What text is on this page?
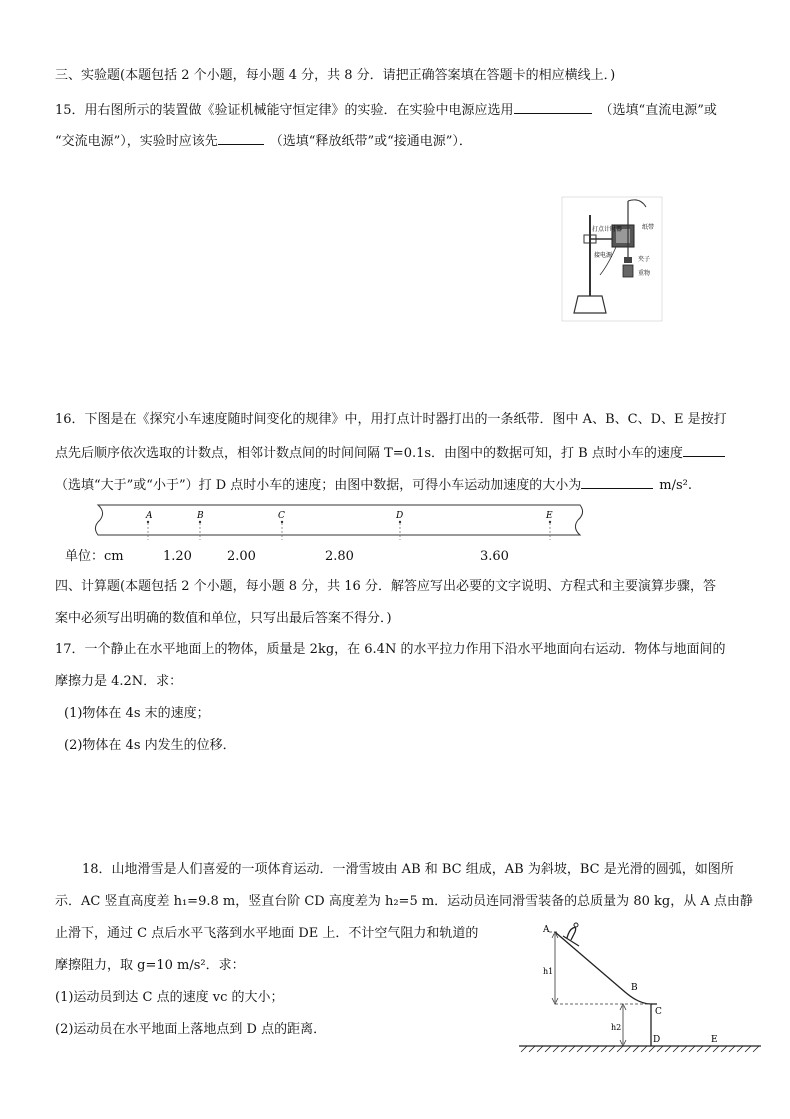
三、实验题(本题包括 2 个小题，每小题 4 分，共 8 分．请把正确答案填在答题卡的相应横线上．)
15．用右图所示的装置做《验证机械能守恒定律》的实验．在实验中电源应选用	（选填“直流电源”或
“交流电源”），实验时应该先	（选填“释放纸带”或“接通电源”）．
打点计时器	纸带
夹子
重物
接电源
16．下图是在《探究小车速度随时间变化的规律》中，用打点计时器打出的一条纸带．图中 A、B、C、D、E 是按打
点先后顺序依次选取的计数点，相邻计数点间的时间间隔 T=0.1s．由图中的数据可知，打 B 点时小车的速度
（选填“大于”或“小于”）打 D 点时小车的速度；由图中数据，可得小车运动加速度的大小为	m/s².
A	B	C	D	E
单位：cm	1.20	2.00	2.80	3.60
四、计算题(本题包括 2 个小题，每小题 8 分，共 16 分．解答应写出必要的文字说明、方程式和主要演算步骤，答
案中必须写出明确的数值和单位，只写出最后答案不得分．)
17．一个静止在水平地面上的物体，质量是 2kg，在 6.4N 的水平拉力作用下沿水平地面向右运动．物体与地面间的
摩擦力是 4.2N．求：
(1)物体在 4s 末的速度；
(2)物体在 4s 内发生的位移．
18．山地滑雪是人们喜爱的一项体育运动．一滑雪坡由 AB 和 BC 组成，AB 为斜坡，BC 是光滑的圆弧，如图所
示．AC 竖直高度差 h₁=9.8 m，竖直台阶 CD 高度差为 h₂=5 m．运动员连同滑雪装备的总质量为 80 kg，从 A 点由静
止滑下，通过 C 点后水平飞落到水平地面 DE 上．不计空气阻力和轨道的
摩擦阻力，取 g=10 m/s²．求：
(1)运动员到达 C 点的速度 vc 的大小；
(2)运动员在水平地面上落地点到 D 点的距离．
A
B
C
D	E
h1
h2
